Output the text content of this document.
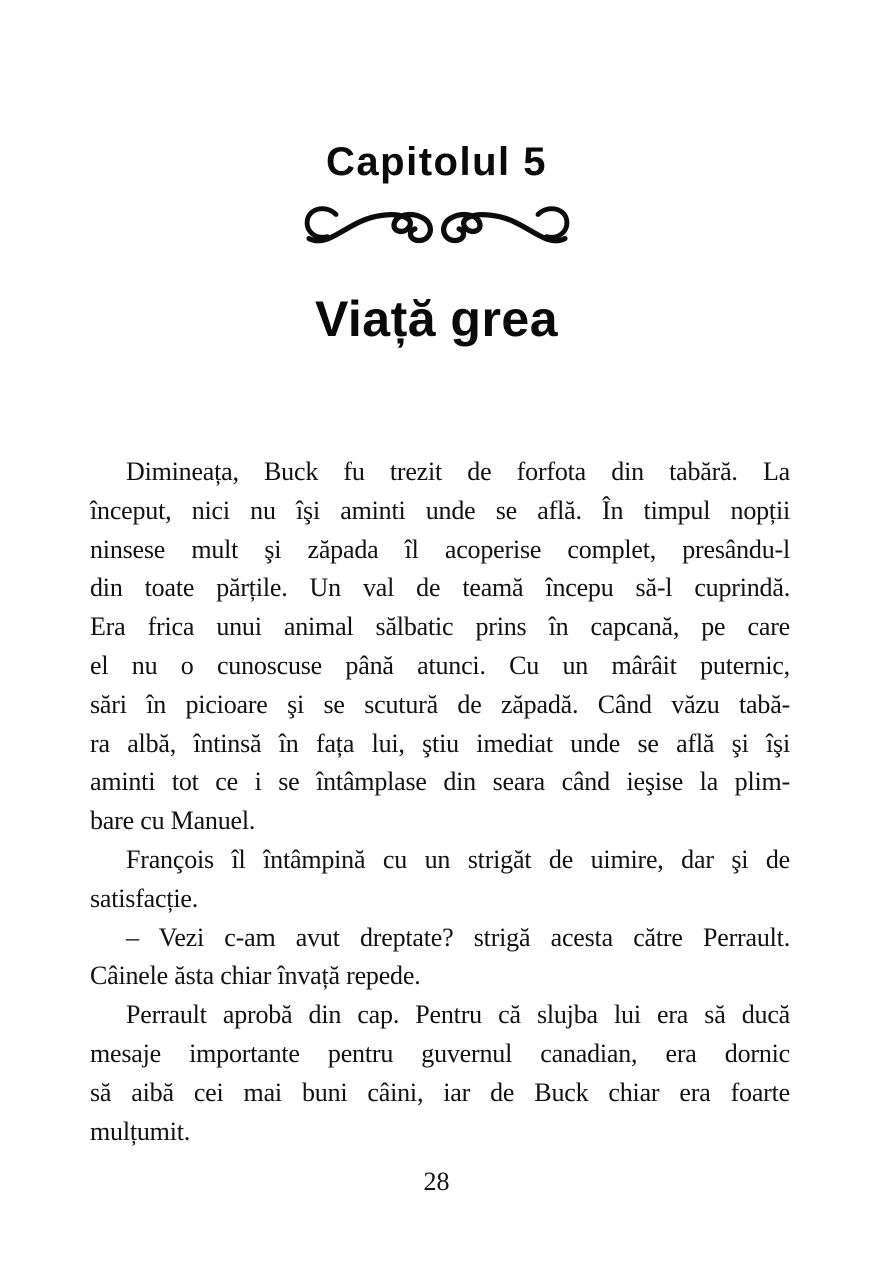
Capitolul 5
Viață grea
Dimineața, Buck fu trezit de forfota din tabără. La
început, nici nu îşi aminti unde se află. În timpul nopții
ninsese mult şi zăpada îl acoperise complet, presându-l
din toate părțile. Un val de teamă începu să-l cuprindă.
Era frica unui animal sălbatic prins în capcană, pe care
el nu o cunoscuse până atunci. Cu un mârâit puternic,
sări în picioare şi se scutură de zăpadă. Când văzu tabă-
ra albă, întinsă în fața lui, ştiu imediat unde se află şi îşi
aminti tot ce i se întâmplase din seara când ieşise la plim-
bare cu Manuel.
François îl întâmpină cu un strigăt de uimire, dar şi de
satisfacție.
– Vezi c-am avut dreptate? strigă acesta către Perrault.
Câinele ăsta chiar învață repede.
Perrault aprobă din cap. Pentru că slujba lui era să ducă
mesaje importante pentru guvernul canadian, era dornic
să aibă cei mai buni câini, iar de Buck chiar era foarte
mulțumit.
28
